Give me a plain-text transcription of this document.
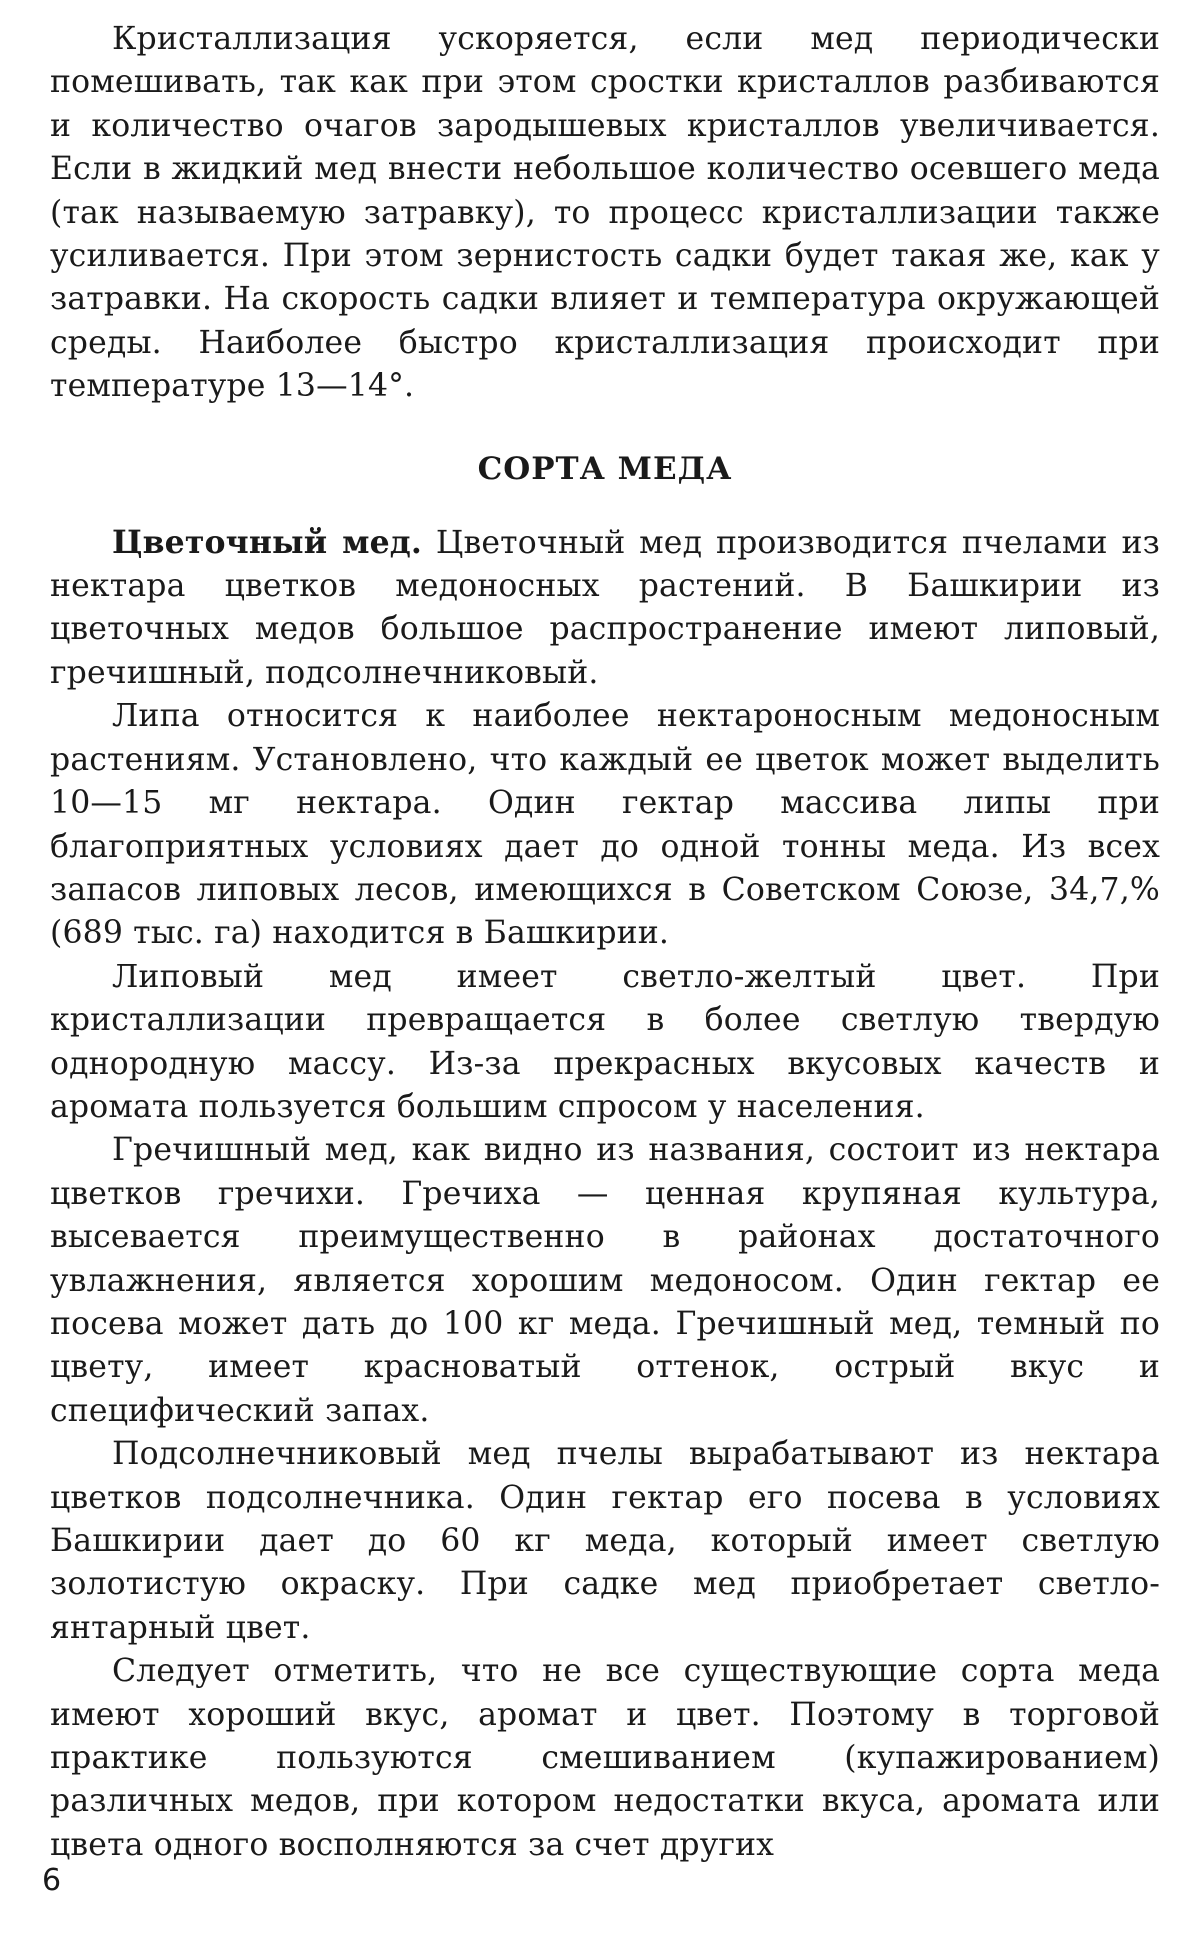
Кристаллизация ускоряется, если мед периодически помешивать, так как при этом сростки кристаллов разбиваются и количество очагов зародышевых кристаллов увеличивается. Если в жидкий мед внести небольшое количество осевшего меда (так называемую затравку), то процесс кристаллизации также усиливается. При этом зернистость садки будет такая же, как у затравки. На скорость садки влияет и температура окружающей среды. Наиболее быстро кристаллизация происходит при температуре 13—14°.

СОРТА МЕДА

Цветочный мед. Цветочный мед производится пчелами из нектара цветков медоносных растений. В Башкирии из цветочных медов большое распространение имеют липовый, гречишный, подсолнечниковый.

Липа относится к наиболее нектароносным медоносным растениям. Установлено, что каждый ее цветок может выделить 10—15 мг нектара. Один гектар массива липы при благоприятных условиях дает до одной тонны меда. Из всех запасов липовых лесов, имеющихся в Советском Союзе, 34,7,% (689 тыс. га) находится в Башкирии.

Липовый мед имеет светло-желтый цвет. При кристаллизации превращается в более светлую твердую однородную массу. Из-за прекрасных вкусовых качеств и аромата пользуется большим спросом у населения.

Гречишный мед, как видно из названия, состоит из нектара цветков гречихи. Гречиха — ценная крупяная культура, высевается преимущественно в районах достаточного увлажнения, является хорошим медоносом. Один гектар ее посева может дать до 100 кг меда. Гречишный мед, темный по цвету, имеет красноватый оттенок, острый вкус и специфический запах.

Подсолнечниковый мед пчелы вырабатывают из нектара цветков подсолнечника. Один гектар его посева в условиях Башкирии дает до 60 кг меда, который имеет светлую золотистую окраску. При садке мед приобретает светло-янтарный цвет.

Следует отметить, что не все существующие сорта меда имеют хороший вкус, аромат и цвет. Поэтому в торговой практике пользуются смешиванием (купажированием) различных медов, при котором недостатки вкуса, аромата или цвета одного восполняются за счет других

6
